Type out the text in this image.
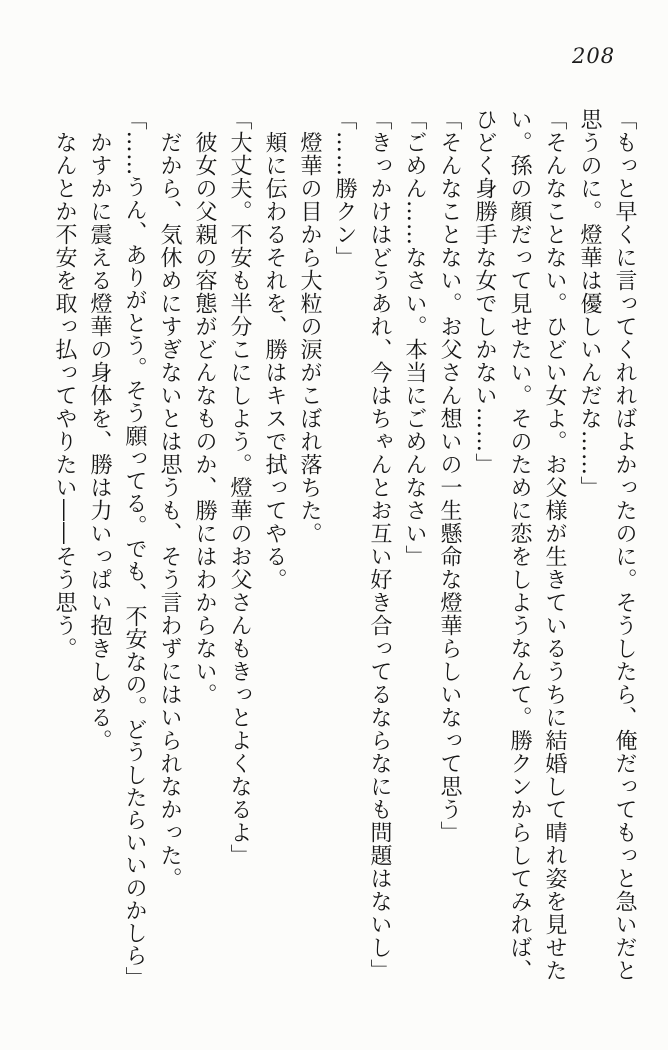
208

「もっと早くに言ってくれればよかったのに。そうしたら、俺だってもっと急いだと思うのに。燈華は優しいんだな……」

「そんなことない。ひどい女よ。お父様が生きているうちに結婚して晴れ姿を見せたい。孫の顔だって見せたい。そのために恋をしようなんて。勝クンからしてみれば、ひどく身勝手な女でしかない……」

「そんなことない。お父さん想いの一生懸命な燈華らしいなって思う」

「ごめん……なさい。本当にごめんなさい」

「きっかけはどうあれ、今はちゃんとお互い好き合ってるならなにも問題はないし」

「……勝クン」

　燈華の目から大粒の涙がこぼれ落ちた。

　頬に伝わるそれを、勝はキスで拭ってやる。

「大丈夫。不安も半分こにしよう。燈華のお父さんもきっとよくなるよ」

　彼女の父親の容態がどんなものか、勝にはわからない。

　だから、気休めにすぎないとは思うも、そう言わずにはいられなかった。

「……うん、ありがとう。そう願ってる。でも、不安なの。どうしたらいいのかしら」

　かすかに震える燈華の身体を、勝は力いっぱい抱きしめる。

　なんとか不安を取っ払ってやりたい――そう思う。
